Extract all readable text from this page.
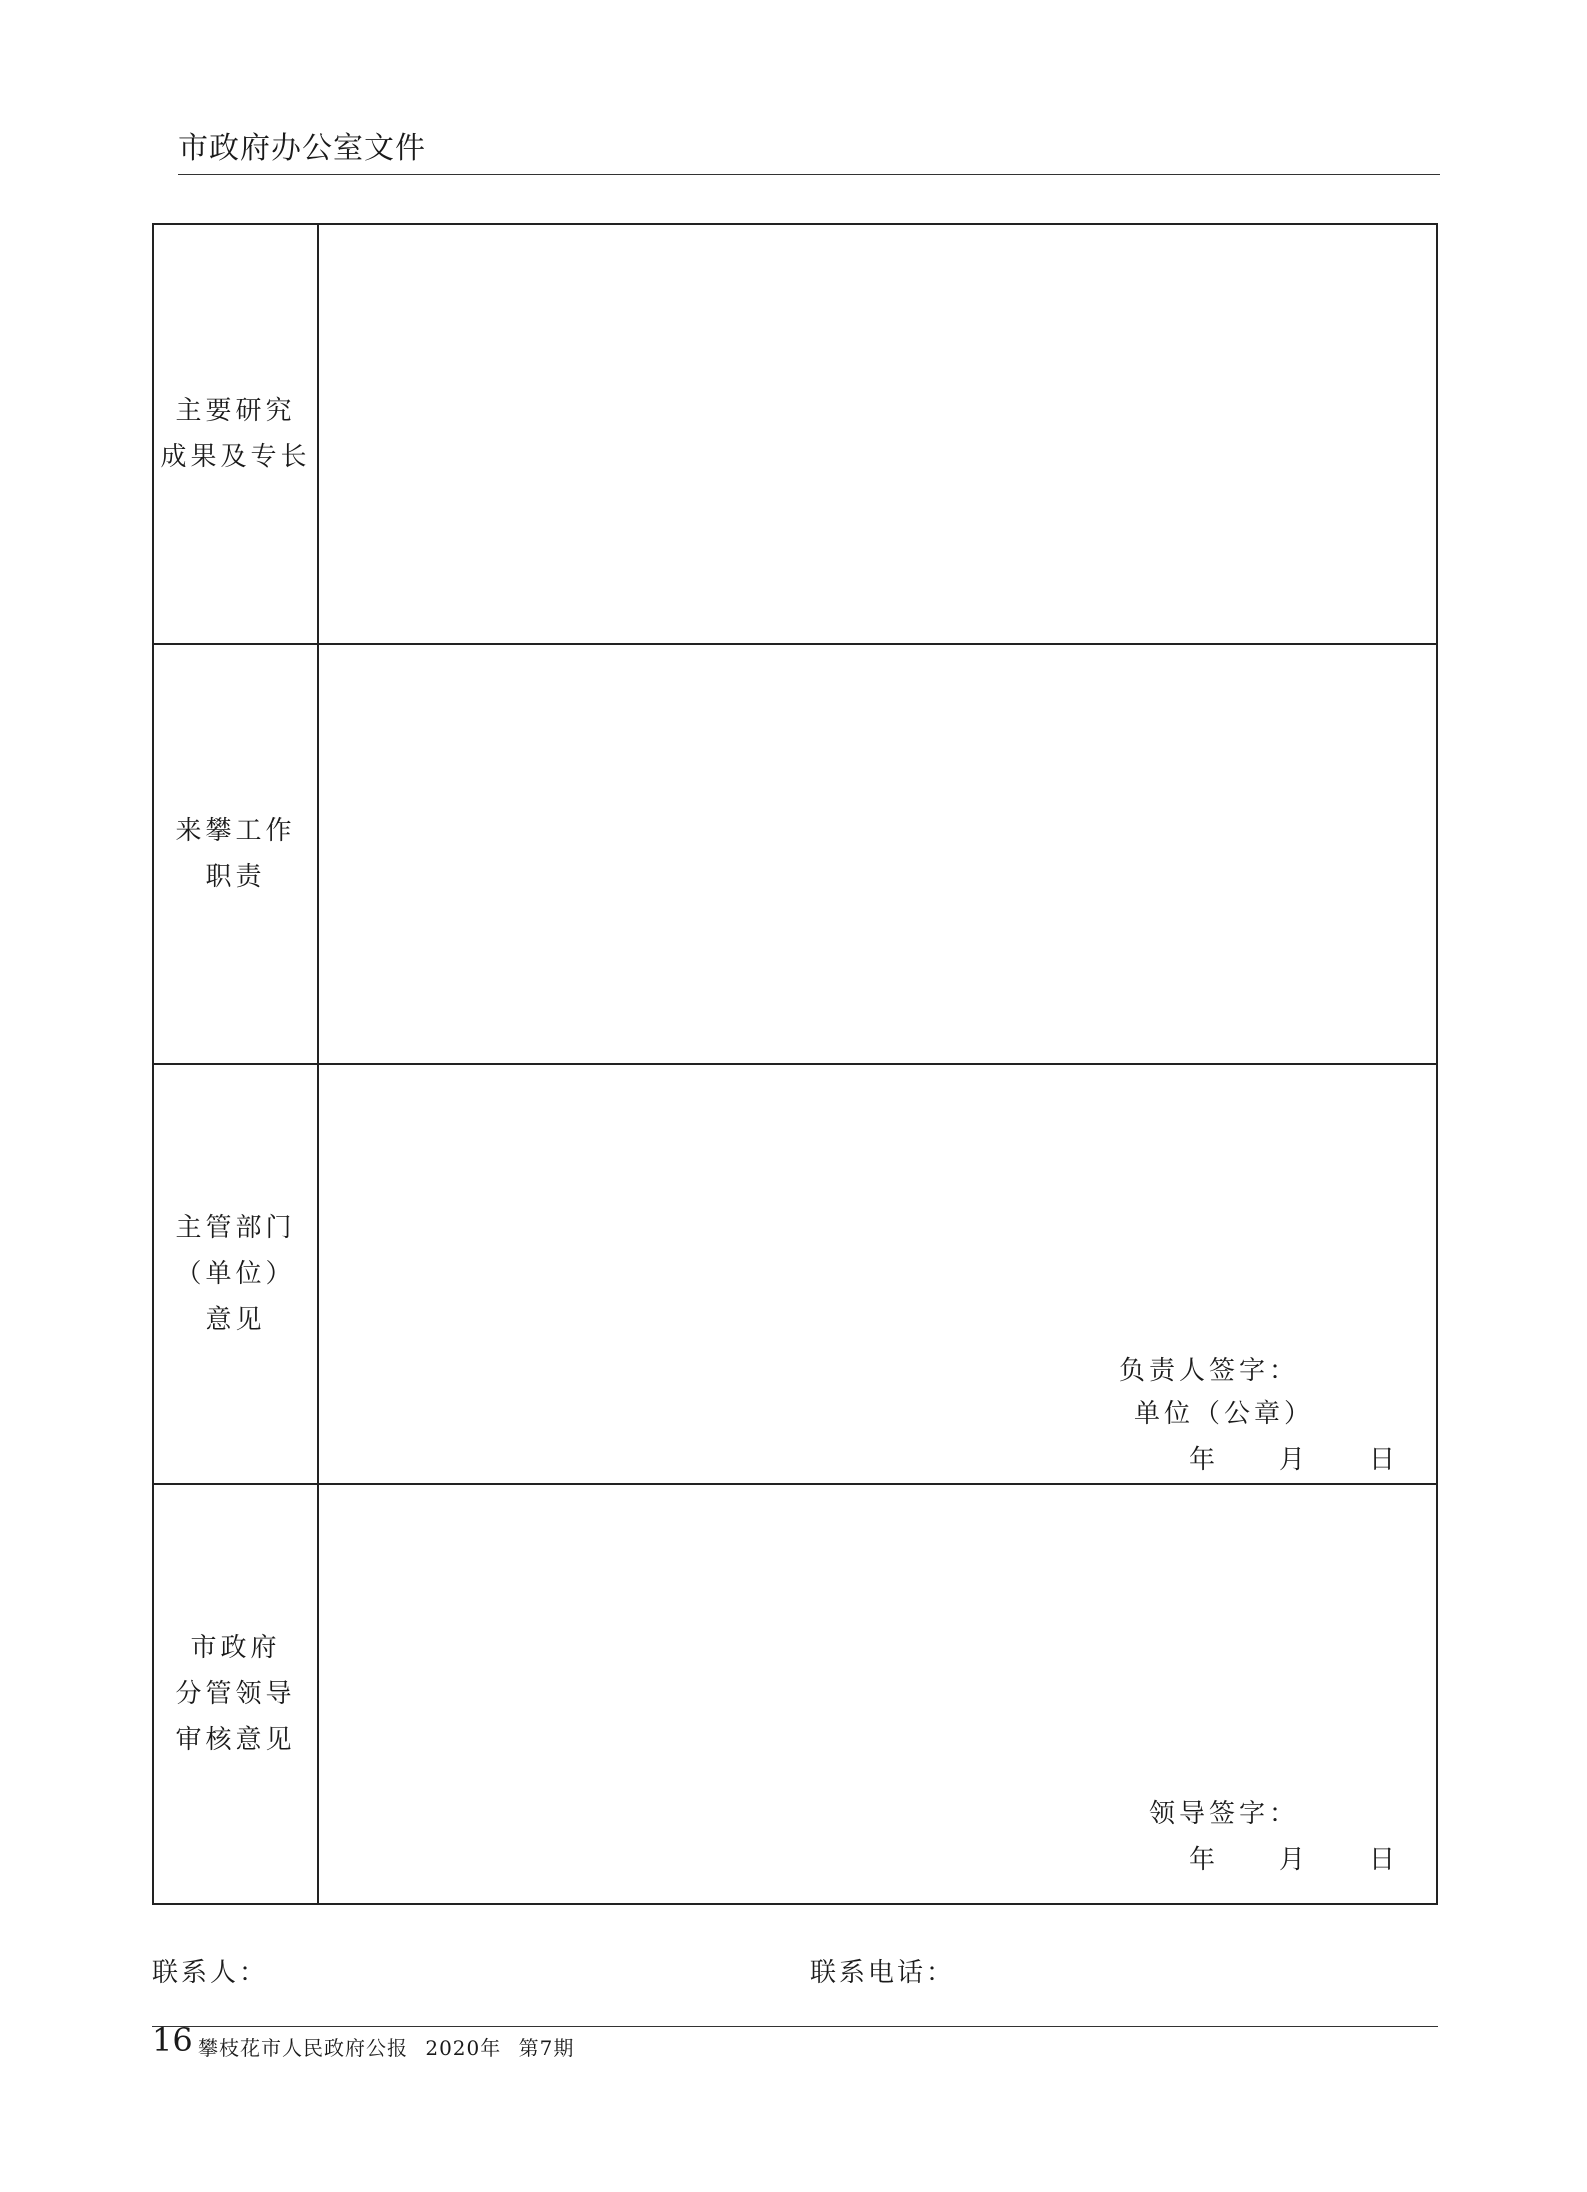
市政府办公室文件
主要研究
成果及专长	

来攀工作
职责	

主管部门
（单位）
意见	负责人签字：
单位（公章）
年 月 日

市政府
分管领导
审核意见	领导签字：
年 月 日
联系人：	联系电话：
16 攀枝花市人民政府公报 2020年 第7期
